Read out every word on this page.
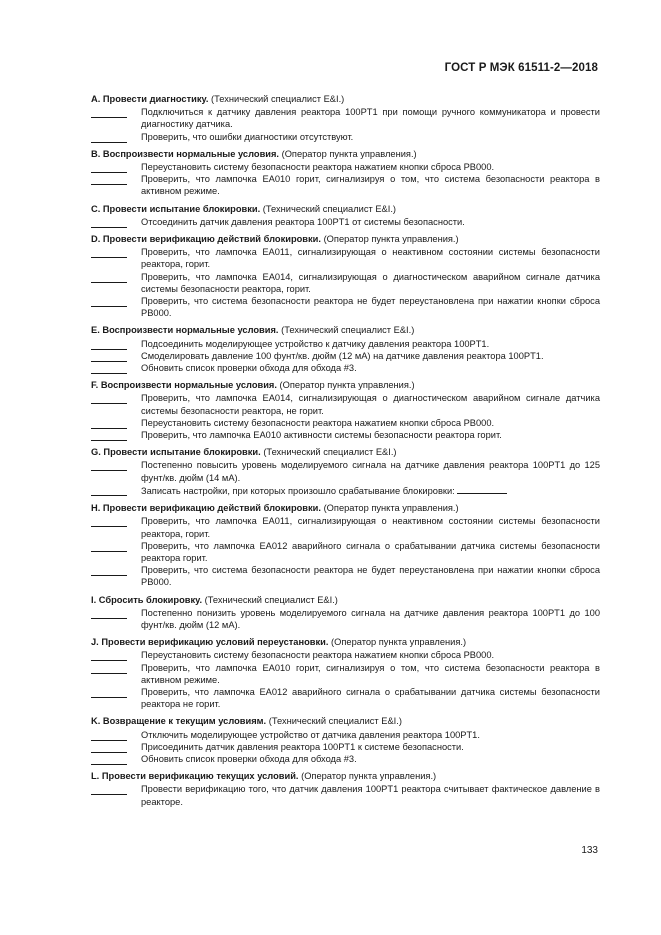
ГОСТ Р МЭК 61511-2—2018
A. Провести диагностику. (Технический специалист E&I.)
Подключиться к датчику давления реактора 100PT1 при помощи ручного коммуникатора и провести диагностику датчика.
Проверить, что ошибки диагностики отсутствуют.
B. Воспроизвести нормальные условия. (Оператор пункта управления.)
Переустановить систему безопасности реактора нажатием кнопки сброса PB000.
Проверить, что лампочка EA010 горит, сигнализируя о том, что система безопасности реактора в активном режиме.
C. Провести испытание блокировки. (Технический специалист E&I.)
Отсоединить датчик давления реактора 100PT1 от системы безопасности.
D. Провести верификацию действий блокировки. (Оператор пункта управления.)
Проверить, что лампочка EA011, сигнализирующая о неактивном состоянии системы безопасности реактора, горит.
Проверить, что лампочка EA014, сигнализирующая о диагностическом аварийном сигнале датчика системы безопасности реактора, горит.
Проверить, что система безопасности реактора не будет переустановлена при нажатии кнопки сброса PB000.
E. Воспроизвести нормальные условия. (Технический специалист E&I.)
Подсоединить моделирующее устройство к датчику давления реактора 100PT1.
Смоделировать давление 100 фунт/кв. дюйм (12 мА) на датчике давления реактора 100PT1.
Обновить список проверки обхода для обхода #3.
F. Воспроизвести нормальные условия. (Оператор пункта управления.)
Проверить, что лампочка EA014, сигнализирующая о диагностическом аварийном сигнале датчика системы безопасности реактора, не горит.
Переустановить систему безопасности реактора нажатием кнопки сброса PB000.
Проверить, что лампочка EA010 активности системы безопасности реактора горит.
G. Провести испытание блокировки. (Технический специалист E&I.)
Постепенно повысить уровень моделируемого сигнала на датчике давления реактора 100PT1 до 125 фунт/кв. дюйм (14 мА).
Записать настройки, при которых произошло срабатывание блокировки:
H. Провести верификацию действий блокировки. (Оператор пункта управления.)
Проверить, что лампочка EA011, сигнализирующая о неактивном состоянии системы безопасности реактора, горит.
Проверить, что лампочка EA012 аварийного сигнала о срабатывании датчика системы безопасности реактора горит.
Проверить, что система безопасности реактора не будет переустановлена при нажатии кнопки сброса PB000.
I. Сбросить блокировку. (Технический специалист E&I.)
Постепенно понизить уровень моделируемого сигнала на датчике давления реактора 100PT1 до 100 фунт/кв. дюйм (12 мА).
J. Провести верификацию условий переустановки. (Оператор пункта управления.)
Переустановить систему безопасности реактора нажатием кнопки сброса PB000.
Проверить, что лампочка EA010 горит, сигнализируя о том, что система безопасности реактора в активном режиме.
Проверить, что лампочка EA012 аварийного сигнала о срабатывании датчика системы безопасности реактора не горит.
K. Возвращение к текущим условиям. (Технический специалист E&I.)
Отключить моделирующее устройство от датчика давления реактора 100PT1.
Присоединить датчик давления реактора 100PT1 к системе безопасности.
Обновить список проверки обхода для обхода #3.
L. Провести верификацию текущих условий. (Оператор пункта управления.)
Провести верификацию того, что датчик давления 100PT1 реактора считывает фактическое давление в реакторе.
133
